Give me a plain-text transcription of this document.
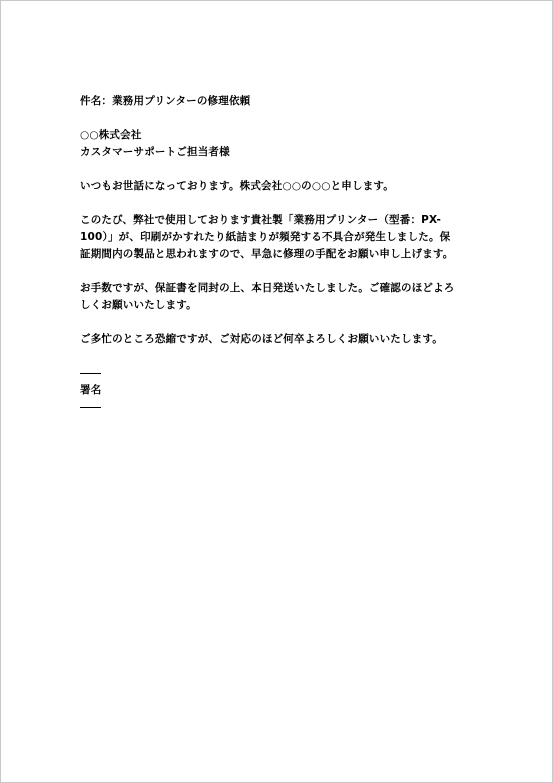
件名：業務用プリンターの修理依頼
○○株式会社
カスタマーサポートご担当者様
いつもお世話になっております。株式会社○○の○○と申します。
このたび、弊社で使用しております貴社製「業務用プリンター（型番：PX-
100）」が、印刷がかすれたり紙詰まりが頻発する不具合が発生しました。保
証期間内の製品と思われますので、早急に修理の手配をお願い申し上げます。
お手数ですが、保証書を同封の上、本日発送いたしました。ご確認のほどよろ
しくお願いいたします。
ご多忙のところ恐縮ですが、ご対応のほど何卒よろしくお願いいたします。
署名
